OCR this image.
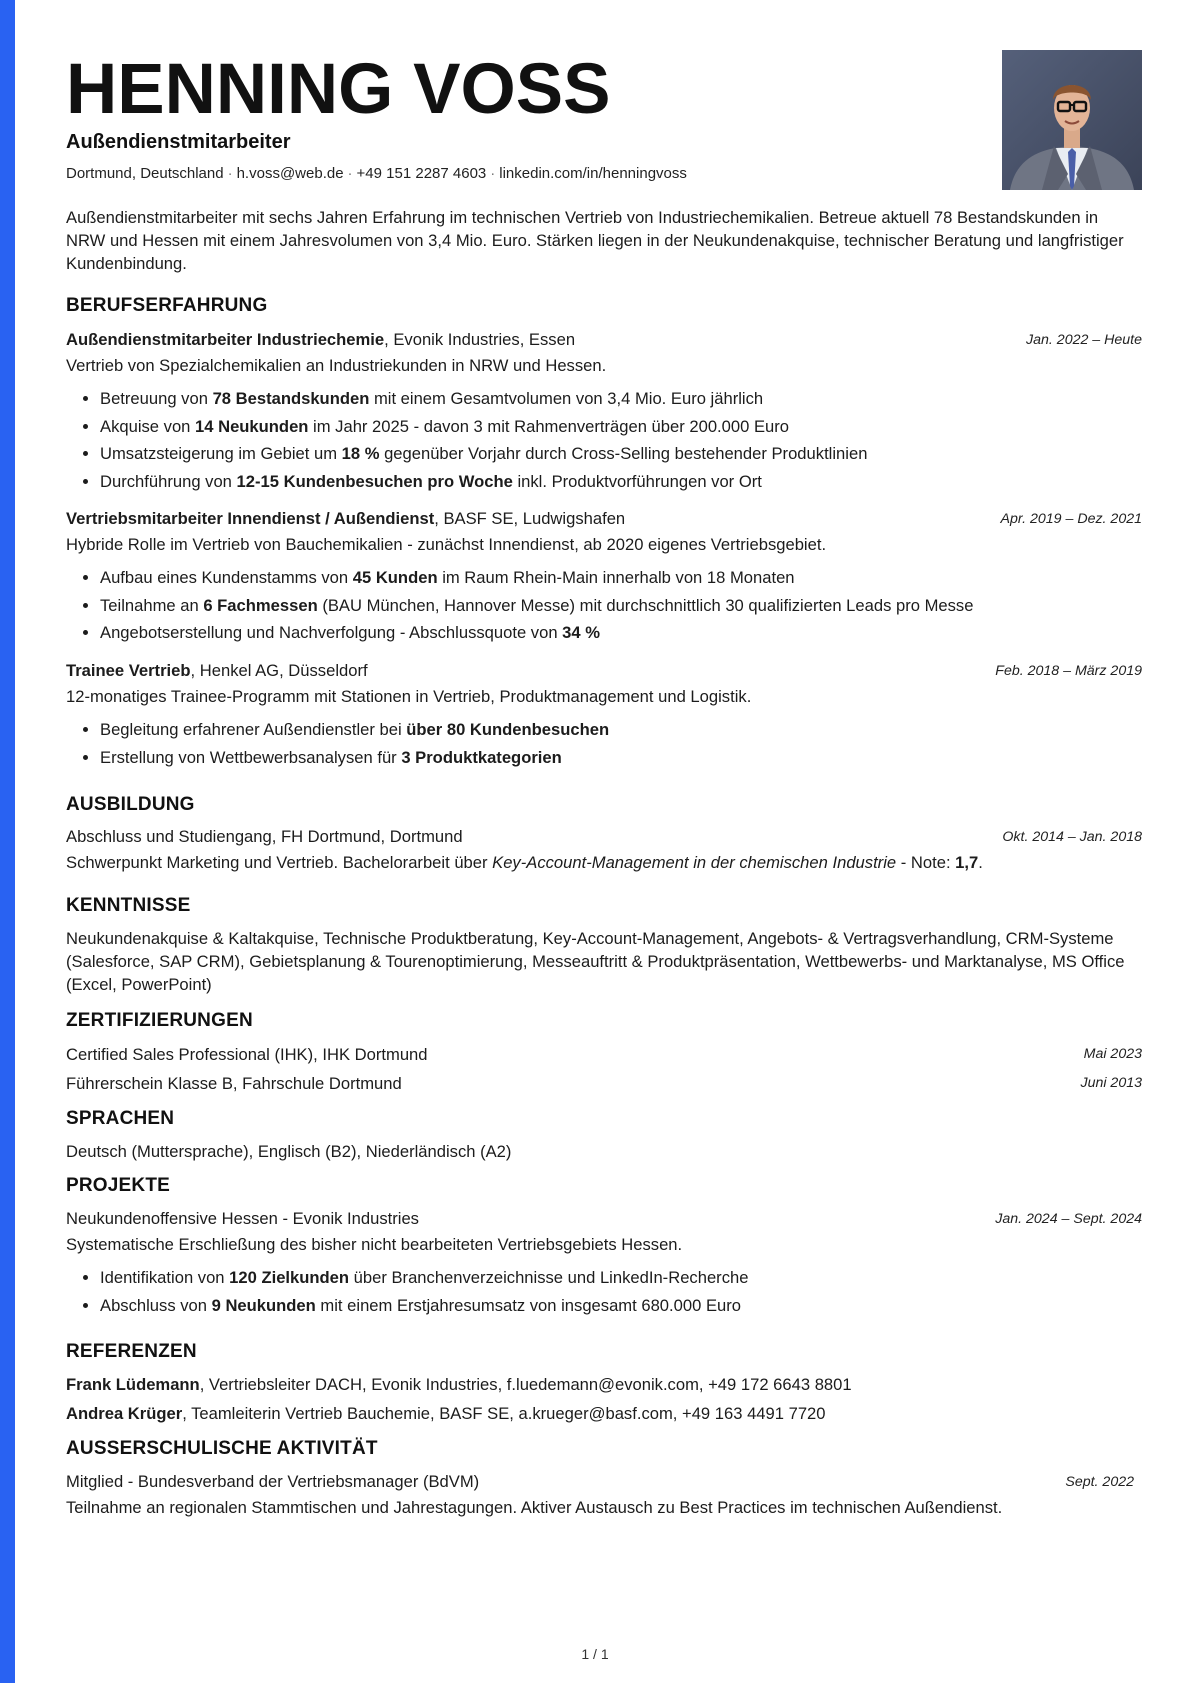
HENNING VOSS
Außendienstmitarbeiter
Dortmund, Deutschland · h.voss@web.de · +49 151 2287 4603 · linkedin.com/in/henningvoss
Außendienstmitarbeiter mit sechs Jahren Erfahrung im technischen Vertrieb von Industriechemikalien. Betreue aktuell 78 Bestandskunden in NRW und Hessen mit einem Jahresvolumen von 3,4 Mio. Euro. Stärken liegen in der Neukundenakquise, technischer Beratung und langfristiger Kundenbindung.
BERUFSERFAHRUNG
Außendienstmitarbeiter Industriechemie, Evonik Industries, Essen	Jan. 2022 – Heute
Vertrieb von Spezialchemikalien an Industriekunden in NRW und Hessen.
• Betreuung von 78 Bestandskunden mit einem Gesamtvolumen von 3,4 Mio. Euro jährlich
• Akquise von 14 Neukunden im Jahr 2025 - davon 3 mit Rahmenverträgen über 200.000 Euro
• Umsatzsteigerung im Gebiet um 18 % gegenüber Vorjahr durch Cross-Selling bestehender Produktlinien
• Durchführung von 12-15 Kundenbesuchen pro Woche inkl. Produktvorführungen vor Ort
Vertriebsmitarbeiter Innendienst / Außendienst, BASF SE, Ludwigshafen	Apr. 2019 – Dez. 2021
Hybride Rolle im Vertrieb von Bauchemikalien - zunächst Innendienst, ab 2020 eigenes Vertriebsgebiet.
• Aufbau eines Kundenstamms von 45 Kunden im Raum Rhein-Main innerhalb von 18 Monaten
• Teilnahme an 6 Fachmessen (BAU München, Hannover Messe) mit durchschnittlich 30 qualifizierten Leads pro Messe
• Angebotserstellung und Nachverfolgung - Abschlussquote von 34 %
Trainee Vertrieb, Henkel AG, Düsseldorf	Feb. 2018 – März 2019
12-monatiges Trainee-Programm mit Stationen in Vertrieb, Produktmanagement und Logistik.
• Begleitung erfahrener Außendienstler bei über 80 Kundenbesuchen
• Erstellung von Wettbewerbsanalysen für 3 Produktkategorien
AUSBILDUNG
Abschluss und Studiengang, FH Dortmund, Dortmund	Okt. 2014 – Jan. 2018
Schwerpunkt Marketing und Vertrieb. Bachelorarbeit über Key-Account-Management in der chemischen Industrie - Note: 1,7.
KENNTNISSE
Neukundenakquise & Kaltakquise, Technische Produktberatung, Key-Account-Management, Angebots- & Vertragsverhandlung, CRM-Systeme (Salesforce, SAP CRM), Gebietsplanung & Tourenoptimierung, Messeauftritt & Produktpräsentation, Wettbewerbs- und Marktanalyse, MS Office (Excel, PowerPoint)
ZERTIFIZIERUNGEN
Certified Sales Professional (IHK), IHK Dortmund	Mai 2023
Führerschein Klasse B, Fahrschule Dortmund	Juni 2013
SPRACHEN
Deutsch (Muttersprache), Englisch (B2), Niederländisch (A2)
PROJEKTE
Neukundenoffensive Hessen - Evonik Industries	Jan. 2024 – Sept. 2024
Systematische Erschließung des bisher nicht bearbeiteten Vertriebsgebiets Hessen.
• Identifikation von 120 Zielkunden über Branchenverzeichnisse und LinkedIn-Recherche
• Abschluss von 9 Neukunden mit einem Erstjahresumsatz von insgesamt 680.000 Euro
REFERENZEN
Frank Lüdemann, Vertriebsleiter DACH, Evonik Industries, f.luedemann@evonik.com, +49 172 6643 8801
Andrea Krüger, Teamleiterin Vertrieb Bauchemie, BASF SE, a.krueger@basf.com, +49 163 4491 7720
AUSSERSCHULISCHE AKTIVITÄT
Mitglied - Bundesverband der Vertriebsmanager (BdVM)	Sept. 2022
Teilnahme an regionalen Stammtischen und Jahrestagungen. Aktiver Austausch zu Best Practices im technischen Außendienst.
1 / 1
